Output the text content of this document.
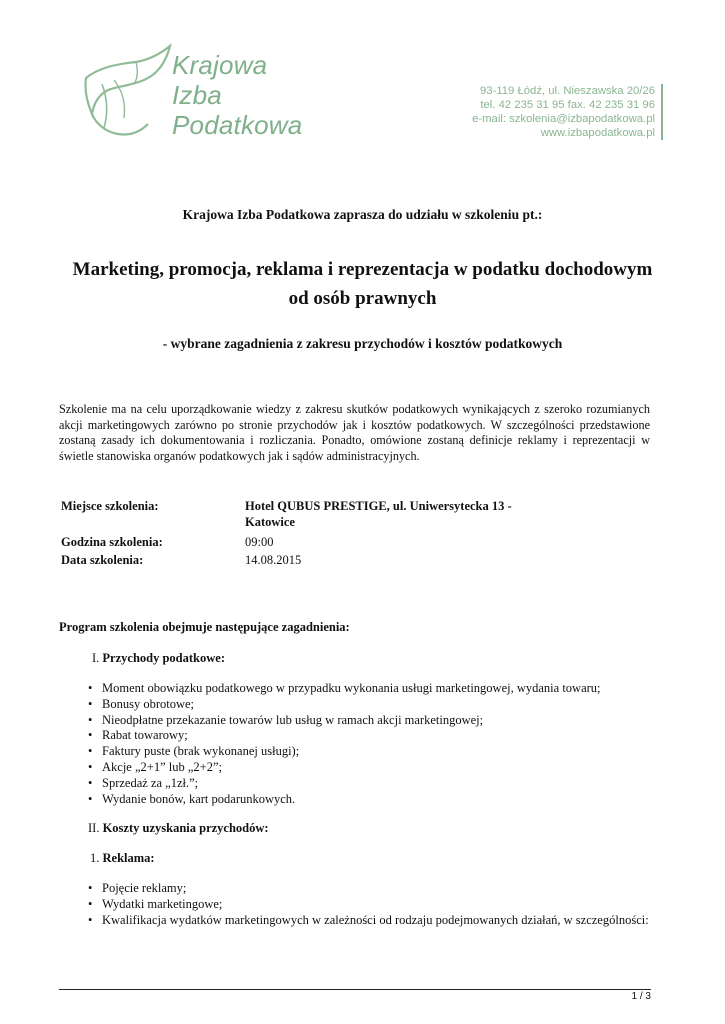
Krajowa
Izba
Podatkowa
93-119 Łódź, ul. Nieszawska 20/26
tel. 42 235 31 95 fax. 42 235 31 96
e-mail: szkolenia@izbapodatkowa.pl
www.izbapodatkowa.pl
Krajowa Izba Podatkowa zaprasza do udziału w szkoleniu pt.:
Marketing, promocja, reklama i reprezentacja w podatku dochodowym
od osób prawnych
- wybrane zagadnienia z zakresu przychodów i kosztów podatkowych
Szkolenie ma na celu uporządkowanie wiedzy z zakresu skutków podatkowych wynikających z szeroko rozumianych akcji marketingowych zarówno po stronie przychodów jak i kosztów podatkowych. W szczególności przedstawione zostaną zasady ich dokumentowania i rozliczania. Ponadto, omówione zostaną definicje reklamy i reprezentacji w świetle stanowiska organów podatkowych jak i sądów administracyjnych.
Miejsce szkolenia:	Hotel QUBUS PRESTIGE, ul. Uniwersytecka 13 - Katowice
Godzina szkolenia:	09:00
Data szkolenia:	14.08.2015
Program szkolenia obejmuje następujące zagadnienia:
I. Przychody podatkowe:
• Moment obowiązku podatkowego w przypadku wykonania usługi marketingowej, wydania towaru;
• Bonusy obrotowe;
• Nieodpłatne przekazanie towarów lub usług w ramach akcji marketingowej;
• Rabat towarowy;
• Faktury puste (brak wykonanej usługi);
• Akcje „2+1” lub „2+2”;
• Sprzedaż za „1zł.”;
• Wydanie bonów, kart podarunkowych.
II. Koszty uzyskania przychodów:
1. Reklama:
• Pojęcie reklamy;
• Wydatki marketingowe;
• Kwalifikacja wydatków marketingowych w zależności od rodzaju podejmowanych działań, w szczególności:
1 / 3
